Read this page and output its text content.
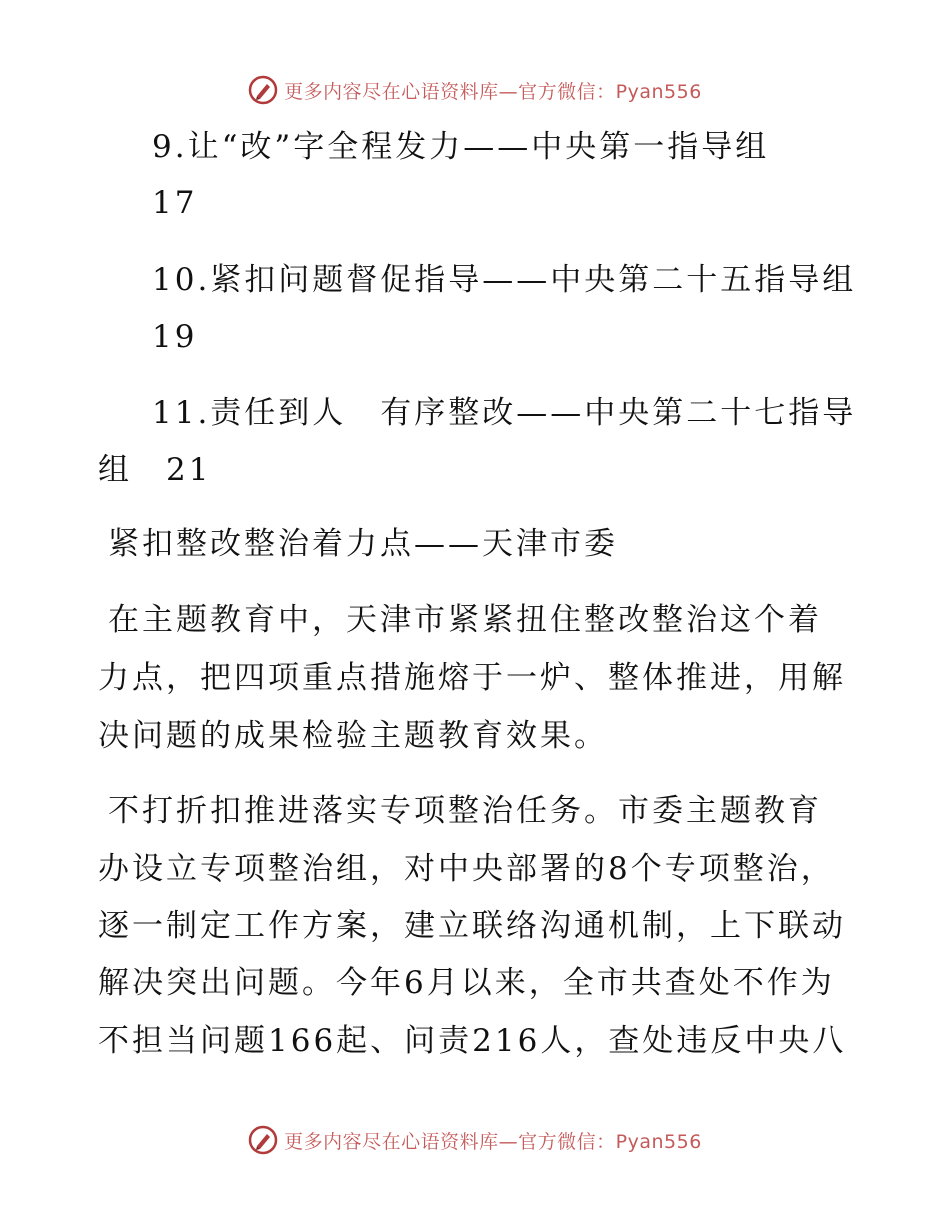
更多内容尽在心语资料库—官方微信：Pyan556
9.让“改”字全程发力——中央第一指导组
17
10.紧扣问题督促指导——中央第二十五指导组
19
11.责任到人　有序整改——中央第二十七指导
组　21
紧扣整改整治着力点——天津市委
在主题教育中，天津市紧紧扭住整改整治这个着
力点，把四项重点措施熔于一炉、整体推进，用解
决问题的成果检验主题教育效果。
不打折扣推进落实专项整治任务。市委主题教育
办设立专项整治组，对中央部署的8个专项整治，
逐一制定工作方案，建立联络沟通机制，上下联动
解决突出问题。今年6月以来，全市共查处不作为
不担当问题166起、问责216人，查处违反中央八
更多内容尽在心语资料库—官方微信：Pyan556
